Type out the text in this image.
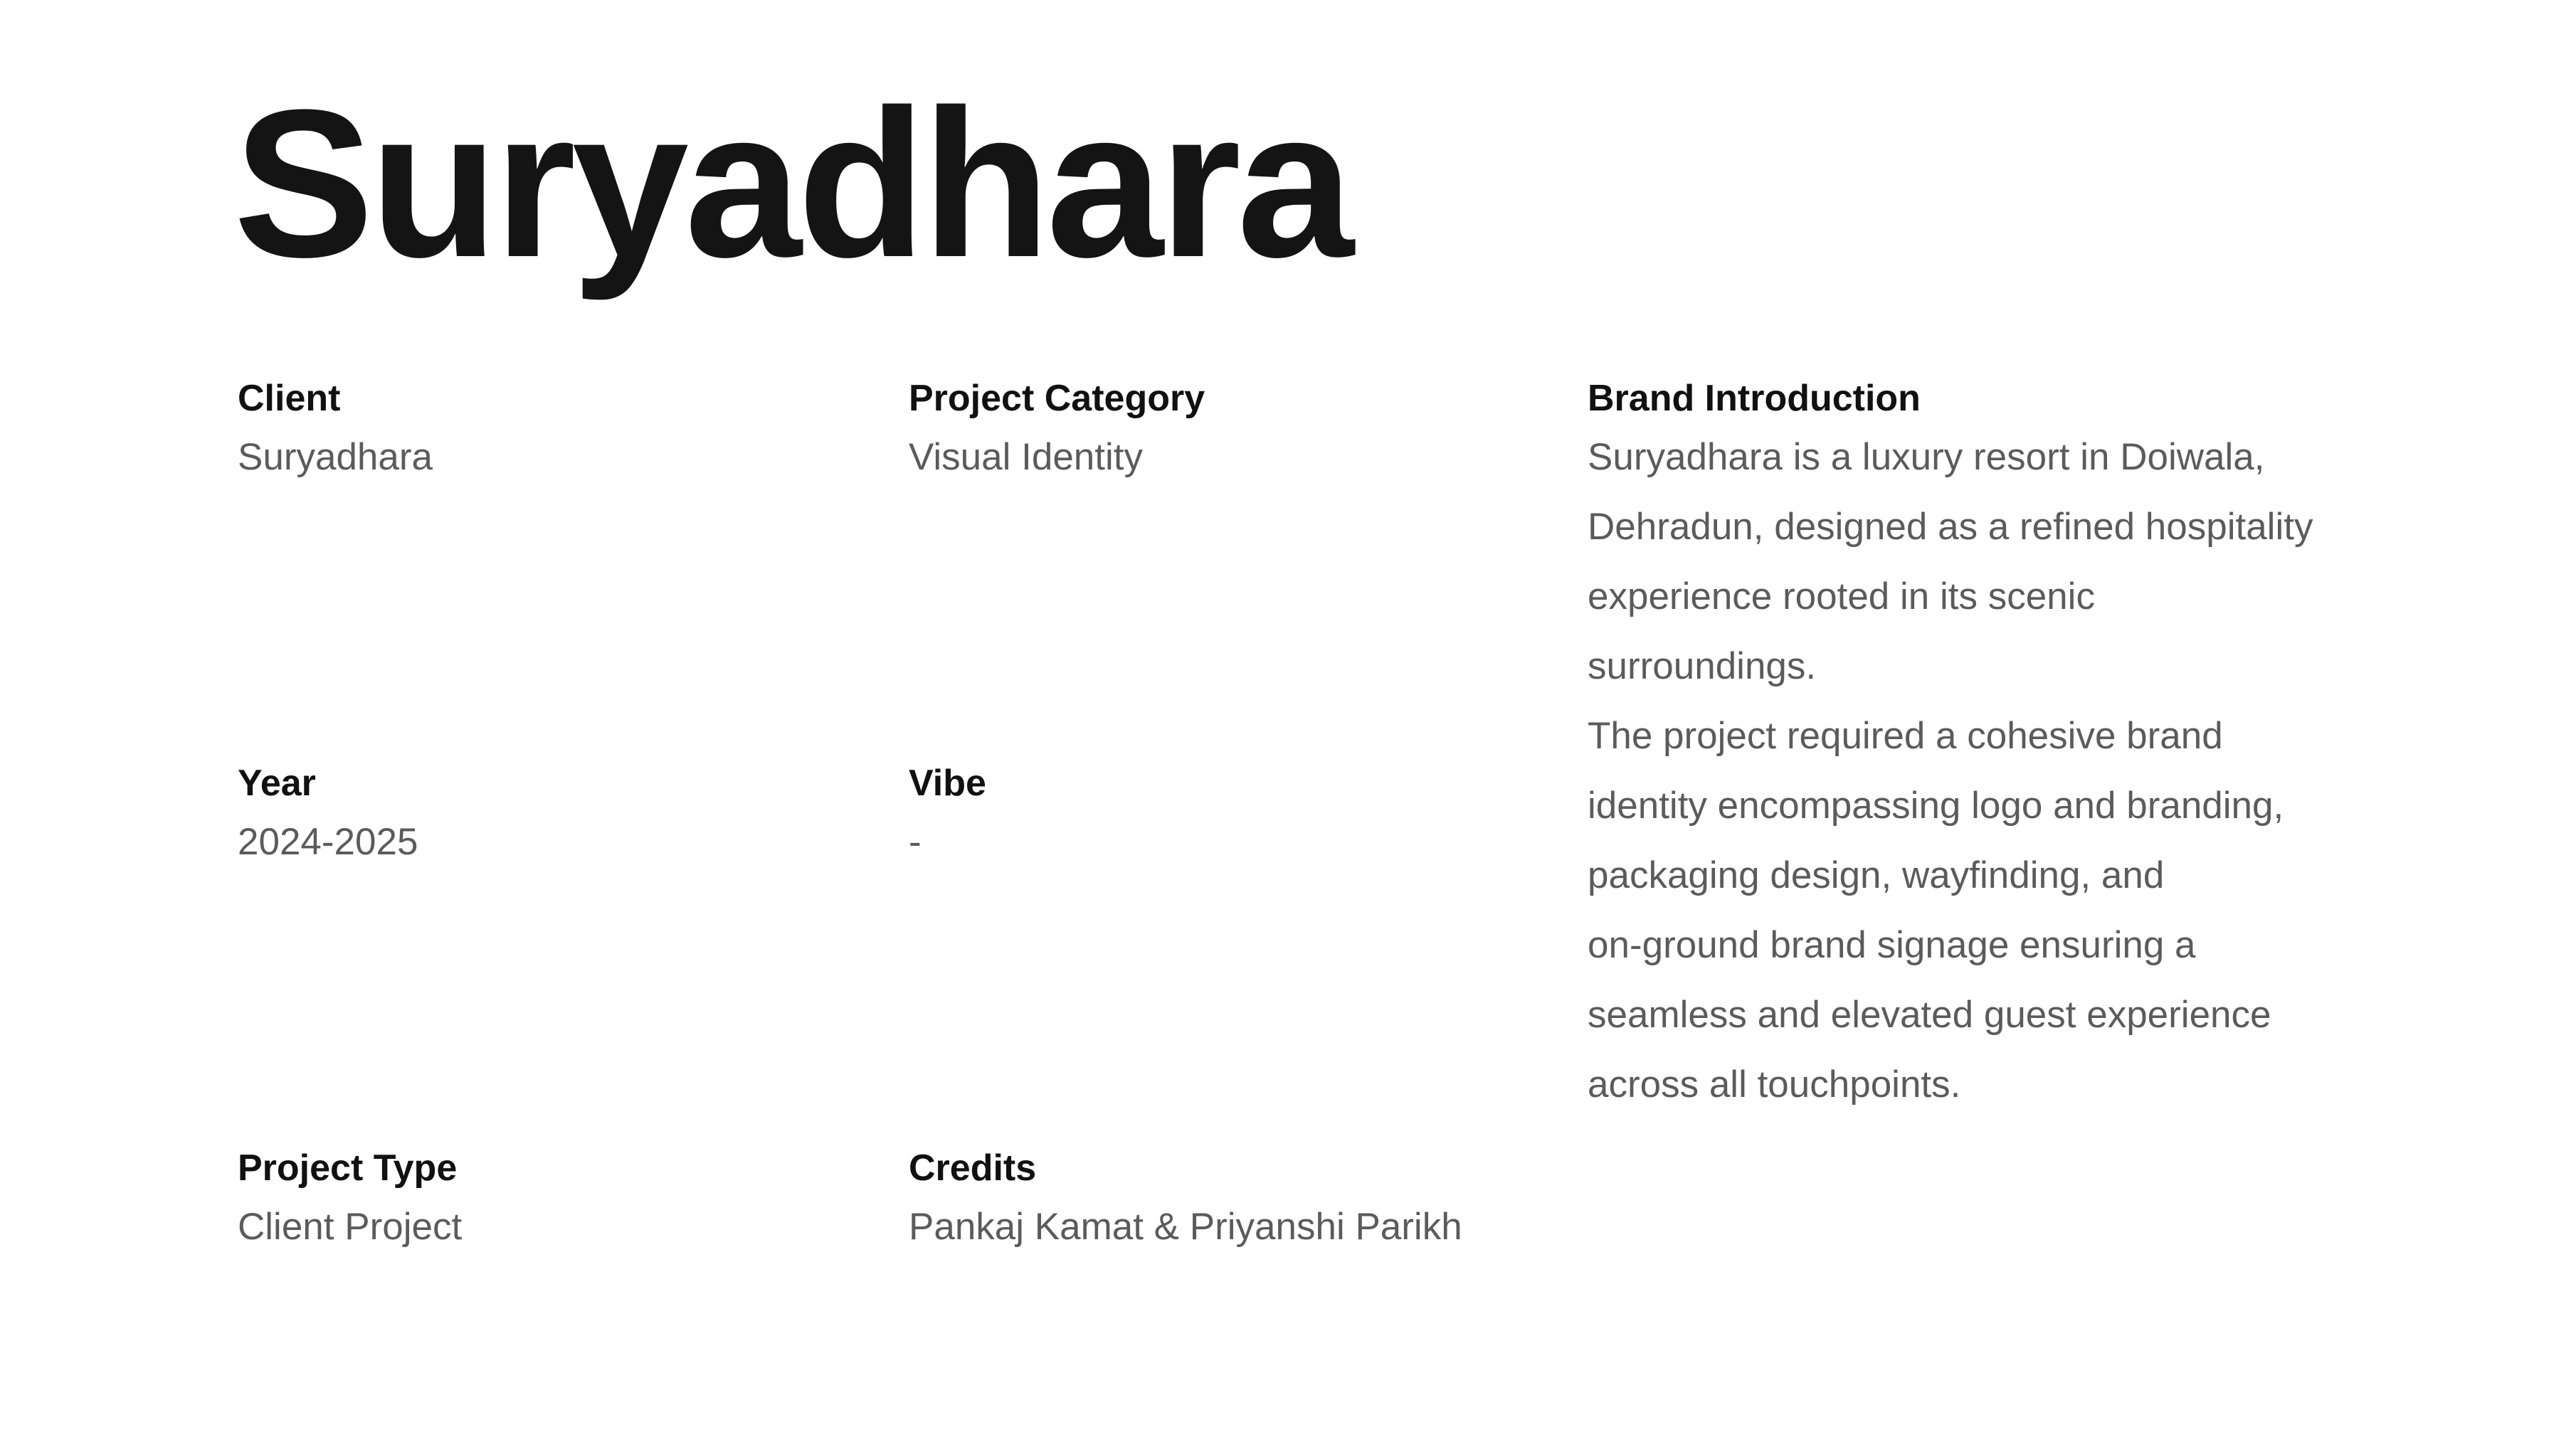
Suryadhara
Client
Suryadhara
Project Category
Visual Identity
Year
2024-2025
Vibe
-
Project Type
Client Project
Credits
Pankaj Kamat & Priyanshi Parikh
Brand Introduction
Suryadhara is a luxury resort in Doiwala,
Dehradun, designed as a refined hospitality
experience rooted in its scenic
surroundings.
The project required a cohesive brand
identity encompassing logo and branding,
packaging design, wayfinding, and
on-ground brand signage ensuring a
seamless and elevated guest experience
across all touchpoints.
